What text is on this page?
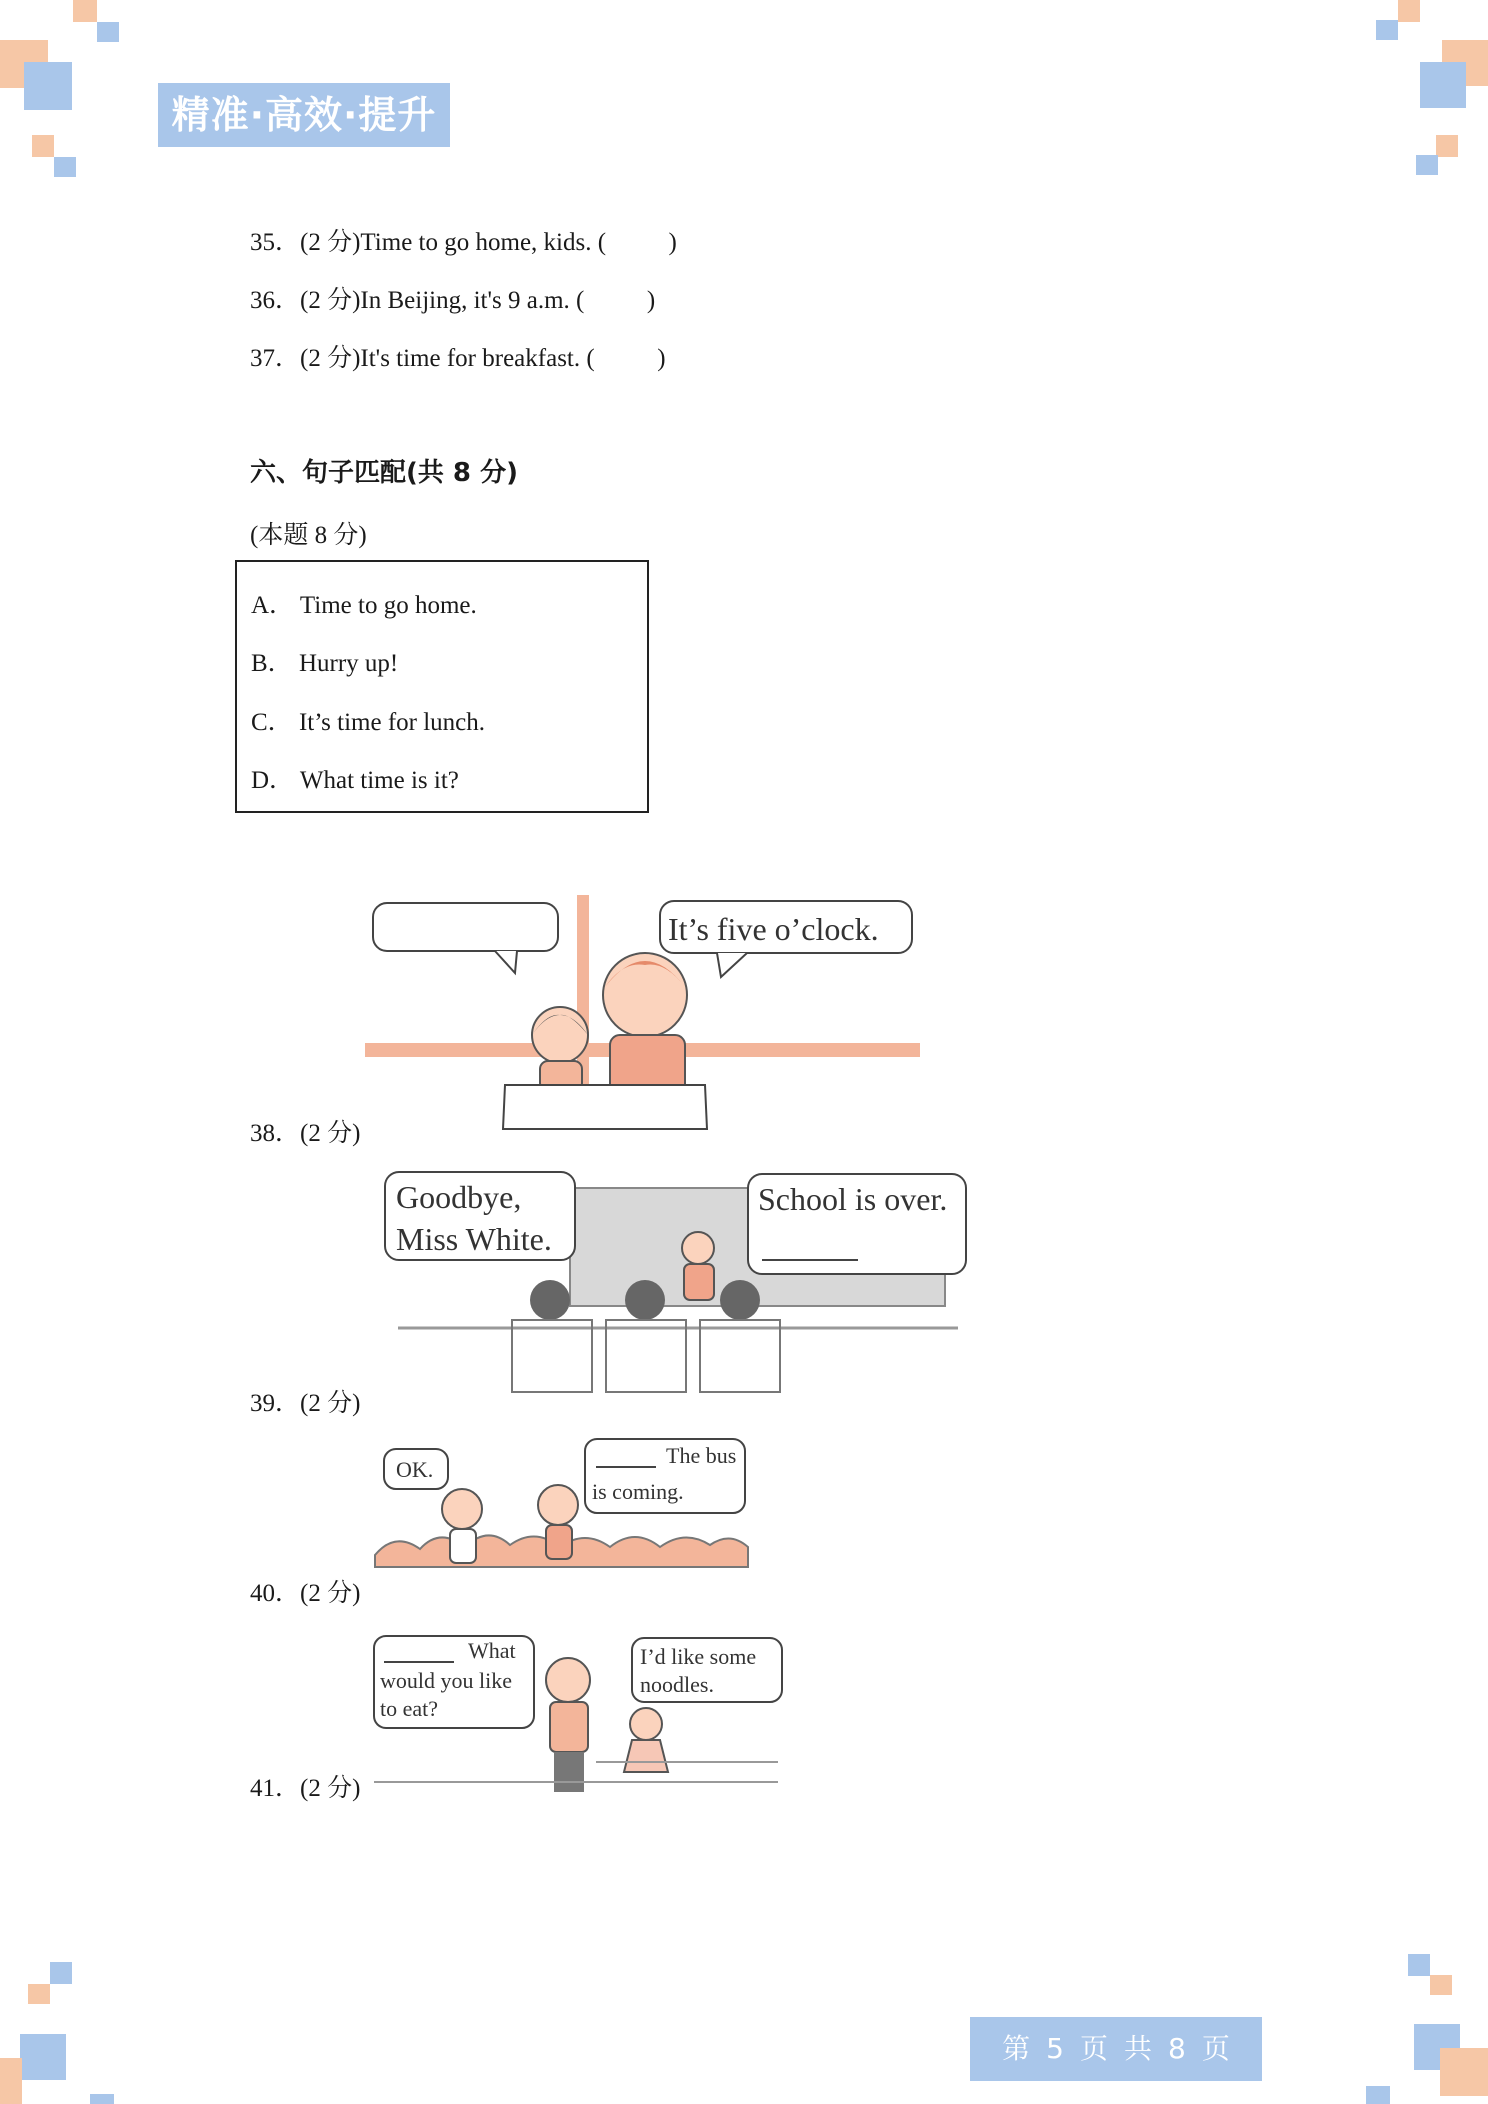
精准·高效·提升
35．(2 分)Time to go home, kids. (          )
36．(2 分)In Beijing, it's 9 a.m. (          )
37．(2 分)It's time for breakfast. (          )
六、句子匹配(共 8 分)
(本题 8 分)
A． Time to go home.
B． Hurry up!
C． It’s time for lunch.
D． What time is it?
38．(2 分)
It’s five o’clock.
39．(2 分)
Goodbye,
Miss White.
School is over.
40．(2 分)
OK.
The bus
is coming.
41．(2 分)
What
would you like
to eat?
I’d like some
noodles.
第 5 页 共 8 页
